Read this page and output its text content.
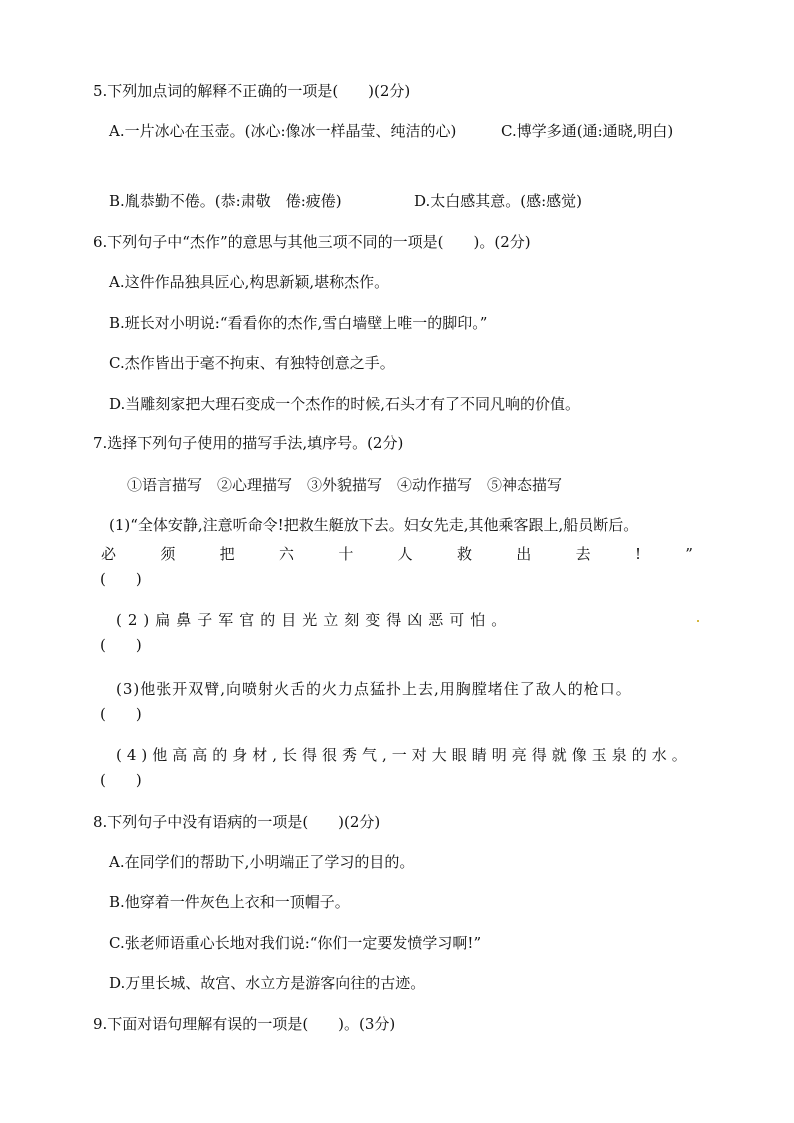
5.下列加点词的解释不正确的一项是(　　)(2分)
A.一片冰心在玉壶。(冰心:像冰一样晶莹、纯洁的心)	C.博学多通(通:通晓,明白)
B.胤恭勤不倦。(恭:肃敬　倦:疲倦)	D.太白感其意。(感:感觉)
6.下列句子中“杰作”的意思与其他三项不同的一项是(　　)。(2分)
A.这件作品独具匠心,构思新颖,堪称杰作。
B.班长对小明说:“看看你的杰作,雪白墙壁上唯一的脚印。”
C.杰作皆出于毫不拘束、有独特创意之手。
D.当雕刻家把大理石变成一个杰作的时候,石头才有了不同凡响的价值。
7.选择下列句子使用的描写手法,填序号。(2分)
①语言描写　②心理描写　③外貌描写　④动作描写　⑤神态描写
(1)“全体安静,注意听命令!把救生艇放下去。妇女先走,其他乘客跟上,船员断后。
必	须	把	六	十	人	救	出	去	!	”
(　　)
(2)扁鼻子军官的目光立刻变得凶恶可怕。
(　　)
(3)他张开双臂,向喷射火舌的火力点猛扑上去,用胸膛堵住了敌人的枪口。
(　　)
(4)他高高的身材,长得很秀气,一对大眼睛明亮得就像玉泉的水。
(　　)
8.下列句子中没有语病的一项是(　　)(2分)
A.在同学们的帮助下,小明端正了学习的目的。
B.他穿着一件灰色上衣和一顶帽子。
C.张老师语重心长地对我们说:“你们一定要发愤学习啊!”
D.万里长城、故宫、水立方是游客向往的古迹。
9.下面对语句理解有误的一项是(　　)。(3分)
